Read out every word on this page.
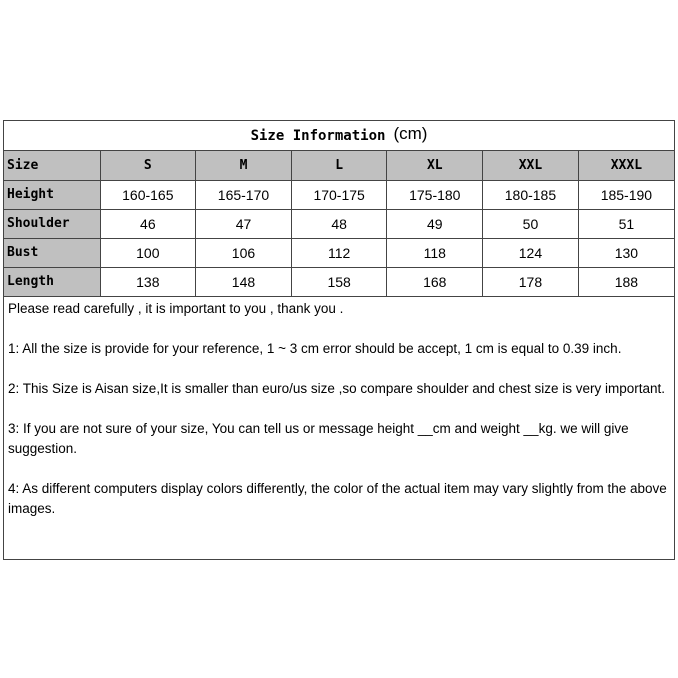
Size Information (cm)
Size	S	M	L	XL	XXL	XXXL
Height	160-165	165-170	170-175	175-180	180-185	185-190
Shoulder	46	47	48	49	50	51
Bust	100	106	112	118	124	130
Length	138	148	158	168	178	188

Please read carefully , it is important to you , thank you .

1: All the size is provide for your reference, 1 ~ 3 cm error should be accept, 1 cm is equal to 0.39 inch.

2: This Size is Aisan size,It is smaller than euro/us size ,so compare shoulder and chest size is very important.

3: If you are not sure of your size, You can tell us or message height __cm and weight __kg. we will give suggestion.

4: As different computers display colors differently, the color of the actual item may vary slightly from the above images.
